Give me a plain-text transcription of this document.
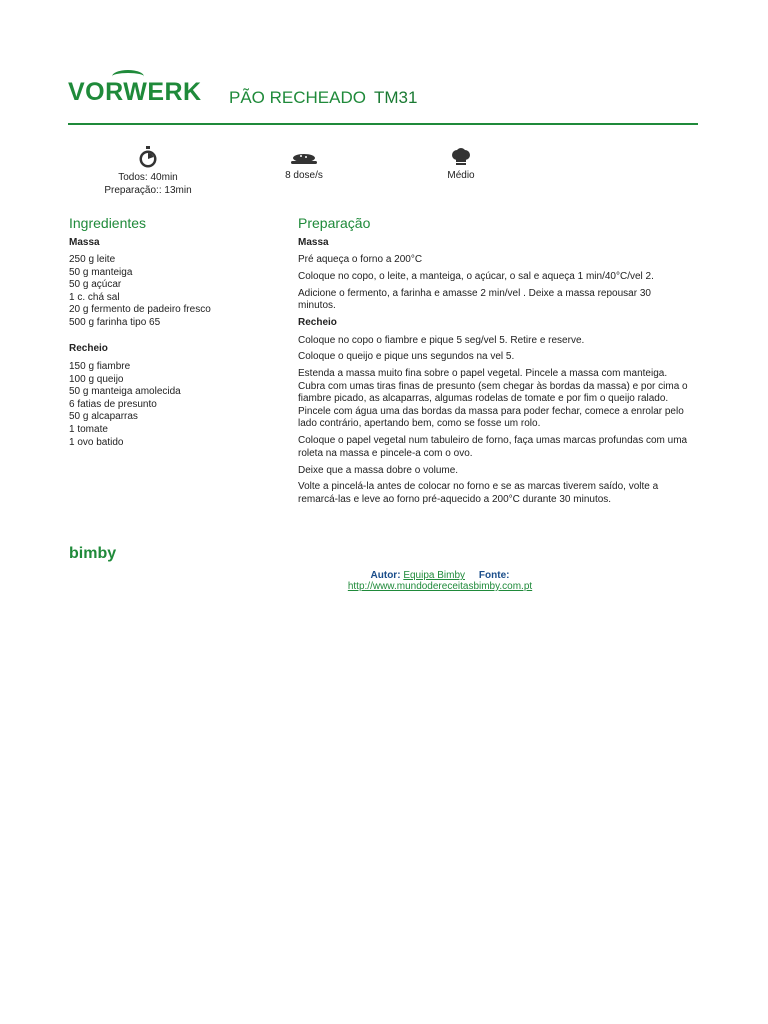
VORWERK PÃO RECHEADO TM31
Todos: 40min
Preparação:: 13min
8 dose/s	Médio
Ingredientes
Massa
250 g leite
50 g manteiga
50 g açúcar
1 c. chá sal
20 g fermento de padeiro fresco
500 g farinha tipo 65
Recheio
150 g fiambre
100 g queijo
50 g manteiga amolecida
6 fatias de presunto
50 g alcaparras
1 tomate
1 ovo batido
Preparação
Massa

Pré aqueça o forno a 200°C

Coloque no copo, o leite, a manteiga, o açúcar, o sal e aqueça 1 min/40°C/vel 2.

Adicione o fermento, a farinha e amasse 2 min/vel . Deixe a massa repousar 30 minutos.

Recheio

Coloque no copo o fiambre e pique 5 seg/vel 5. Retire e reserve.

Coloque o queijo e pique uns segundos na vel 5.

Estenda a massa muito fina sobre o papel vegetal. Pincele a massa com manteiga. Cubra com umas tiras finas de presunto (sem chegar às bordas da massa) e por cima o fiambre picado, as alcaparras, algumas rodelas de tomate e por fim o queijo ralado. Pincele com água uma das bordas da massa para poder fechar, comece a enrolar pelo lado contrário, apertando bem, como se fosse um rolo.

Coloque o papel vegetal num tabuleiro de forno, faça umas marcas profundas com uma roleta na massa e pincele-a com o ovo.

Deixe que a massa dobre o volume.

Volte a pincelá-la antes de colocar no forno e se as marcas tiverem saído, volte a remarcá-las e leve ao forno pré-aquecido a 200°C durante 30 minutos.

bimby
Autor: Equipa Bimby Fonte:
http://www.mundodereceitasbimby.com.pt
